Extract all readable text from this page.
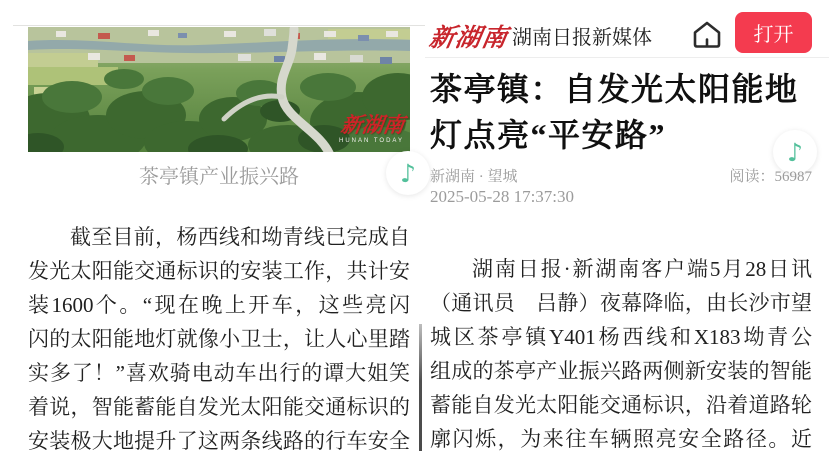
新湖南
HUNAN TODAY
茶亭镇产业振兴路	♪
♪
新湖南 湖南日报新媒体	打开
茶亭镇：自发光太阳能地灯点亮“平安路”
新湖南 · 望城	阅读：56987
2025-05-28 17:37:30
截至目前，杨西线和坳青线已完成自
发光太阳能交通标识的安装工作，共计安
装1600个。“现在晚上开车，这些亮闪
闪的太阳能地灯就像小卫士，让人心里踏
实多了！”喜欢骑电动车出行的谭大姐笑
着说，智能蓄能自发光太阳能交通标识的
安装极大地提升了这两条线路的行车安全
湖南日报·新湖南客户端5月28日讯
（通讯员　吕静）夜幕降临，由长沙市望
城区茶亭镇Y401杨西线和X183坳青公
组成的茶亭产业振兴路两侧新安装的智能
蓄能自发光太阳能交通标识，沿着道路轮
廓闪烁，为来往车辆照亮安全路径。近
